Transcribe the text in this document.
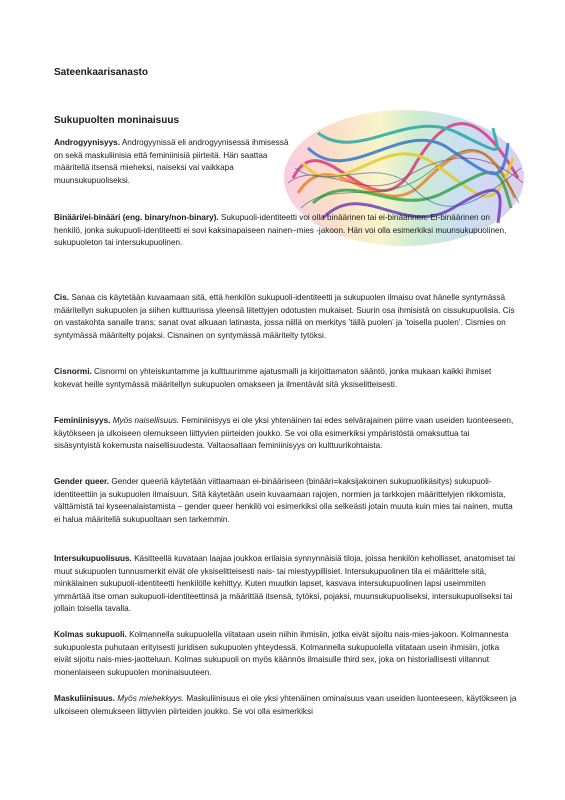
Sateenkaarisanasto
Sukupuolten moninaisuus

Androgyynisyys. Androgyynissä eli androgyynisessä ihmisessä on sekä maskuliinisia että feminiinisiä piirteitä. Hän saattaa määritellä itsensä mieheksi, naiseksi vai vaikkapa muunsukupuoliseksi.

Binääri/ei-binääri (eng. binary/non-binary). Sukupuoli-identiteetti voi olla binäärinen tai ei-binäärinen. Ei-binäärinen on henkilö, jonka sukupuoli-identiteetti ei sovi kaksinapaiseen nainen–mies -jakoon. Hän voi olla esimerkiksi muunsukupuolinen, sukupuoleton tai intersukupuolinen.

Cis. Sanaa cis käytetään kuvaamaan sitä, että henkilön sukupuoli-identiteetti ja sukupuolen ilmaisu ovat hänelle syntymässä määritellyn sukupuolen ja siihen kulttuurissa yleensä liitettyjen odotusten mukaiset. Suurin osa ihmisistä on cissukupuolisia. Cis on vastakohta sanalle trans; sanat ovat alkuaan latinasta, jossa niillä on merkitys ’tällä puolen’ ja ’toisella puolen’. Cismies on syntymässä määritelty pojaksi. Cisnainen on syntymässä määritelty tytöksi.

Cisnormi. Cisnormi on yhteiskuntamme ja kulttuurimme ajatusmalli ja kirjoittamaton sääntö, jonka mukaan kaikki ihmiset kokevat heille syntymässä määritellyn sukupuolen omakseen ja ilmentävät sitä yksiselitteisesti.

Feminiinisyys. Myös naisellisuus. Feminiinisyys ei ole yksi yhtenäinen tai edes selvärajainen piirre vaan useiden luonteeseen, käytökseen ja ulkoiseen olemukseen liittyvien piirteiden joukko. Se voi olla esimerkiksi ympäristöstä omaksuttua tai sisäsyntyistä kokemusta naisellisuudesta. Valtaosaltaan feminiinisyys on kulttuurikohtaista.

Gender queer. Gender queeriä käytetään viittaamaan ei-binääriseen (binääri=kaksijakoinen sukupuolikäsitys) sukupuoli-identiteettiin ja sukupuolen ilmaisuun. Sitä käytetään usein kuvaamaan rajojen, normien ja tarkkojen määrittelyjen rikkomista, välttämistä tai kyseenalaistamista – gender queer henkilö voi esimerkiksi olla selkeästi jotain muuta kuin mies tai nainen, mutta ei halua määritellä sukupuoltaan sen tarkemmin.

Intersukupuolisuus. Käsitteellä kuvataan laajaa joukkoa erilaisia synnynnäisiä tiloja, joissa henkilön kehollisset, anatomiset tai muut sukupuolen tunnusmerkit eivät ole yksiselitteisesti nais- tai miestyypillisiet. Intersukupuolinen tila ei määrittele sitä, minkälainen sukupuoli-identiteetti henkilölle kehittyy. Kuten muutkin lapset, kasvava intersukupuolinen lapsi useimmiten ymmärtää itse oman sukupuoli-identiteettinsä ja määrittää itsensä, tytöksi, pojaksi, muunsukupuoliseksi, intersukupuoliseksi tai jollain toisella tavalla.

Kolmas sukupuoli. Kolmannella sukupuolella viitataan usein niihin ihmisiin, jotka eivät sijoitu nais-mies-jakoon. Kolmannesta sukupuolesta puhutaan erityisesti juridisen sukupuolen yhteydessä. Kolmannella sukupuolella viitataan usein ihmisiin, jotka eivät sijoitu nais-mies-jaotteluun. Kolmas sukupuoli on myös käännös ilmaisulle third sex, joka on historiallisesti viitannut monenlaiseen sukupuolen moninaisuuteen.

Maskuliinisuus. Myös miehekkyys. Maskuliinisuus ei ole yksi yhtenäinen ominaisuus vaan useiden luonteeseen, käytökseen ja ulkoiseen olemukseen liittyvien piirteiden joukko. Se voi olla esimerkiksi
